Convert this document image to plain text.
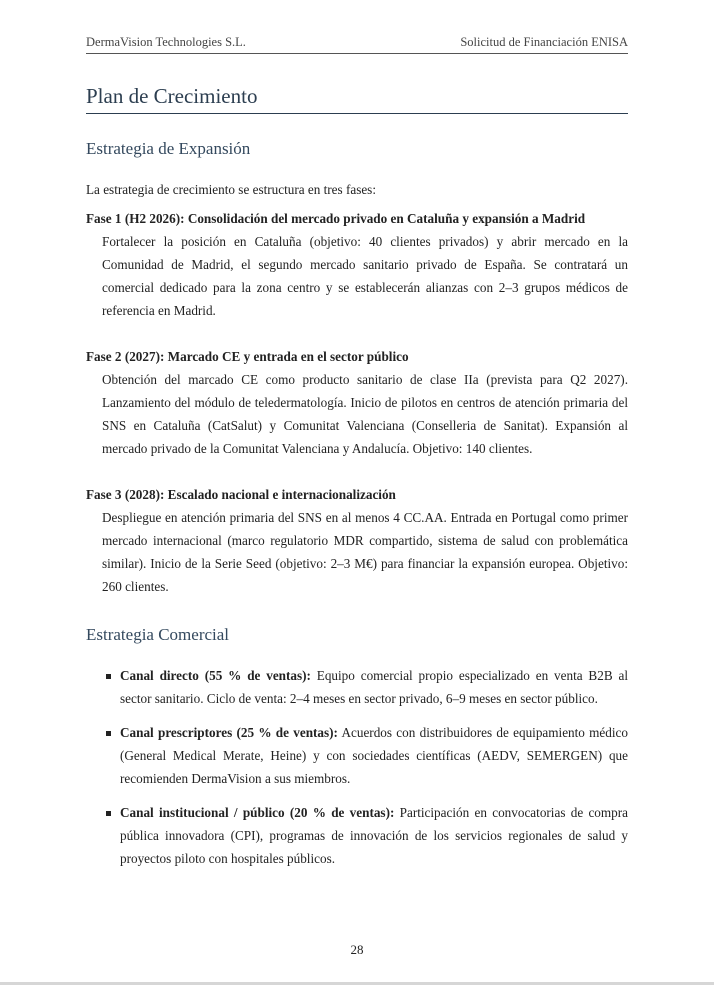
DermaVision Technologies S.L.	Solicitud de Financiación ENISA
Plan de Crecimiento
Estrategia de Expansión
La estrategia de crecimiento se estructura en tres fases:
Fase 1 (H2 2026): Consolidación del mercado privado en Cataluña y expansión a Madrid
Fortalecer la posición en Cataluña (objetivo: 40 clientes privados) y abrir mercado en la Comunidad de Madrid, el segundo mercado sanitario privado de España. Se contratará un comercial dedicado para la zona centro y se establecerán alianzas con 2–3 grupos médicos de referencia en Madrid.
Fase 2 (2027): Marcado CE y entrada en el sector público
Obtención del marcado CE como producto sanitario de clase IIa (prevista para Q2 2027). Lanzamiento del módulo de teledermatología. Inicio de pilotos en centros de atención primaria del SNS en Cataluña (CatSalut) y Comunitat Valenciana (Conselleria de Sanitat). Expansión al mercado privado de la Comunitat Valenciana y Andalucía. Objetivo: 140 clientes.
Fase 3 (2028): Escalado nacional e internacionalización
Despliegue en atención primaria del SNS en al menos 4 CC.AA. Entrada en Portugal como primer mercado internacional (marco regulatorio MDR compartido, sistema de salud con problemática similar). Inicio de la Serie Seed (objetivo: 2–3 M€) para financiar la expansión europea. Objetivo: 260 clientes.
Estrategia Comercial
Canal directo (55 % de ventas): Equipo comercial propio especializado en venta B2B al sector sanitario. Ciclo de venta: 2–4 meses en sector privado, 6–9 meses en sector público.
Canal prescriptores (25 % de ventas): Acuerdos con distribuidores de equipamiento médico (General Medical Merate, Heine) y con sociedades científicas (AEDV, SEMERGEN) que recomienden DermaVision a sus miembros.
Canal institucional / público (20 % de ventas): Participación en convocatorias de compra pública innovadora (CPI), programas de innovación de los servicios regionales de salud y proyectos piloto con hospitales públicos.
28
